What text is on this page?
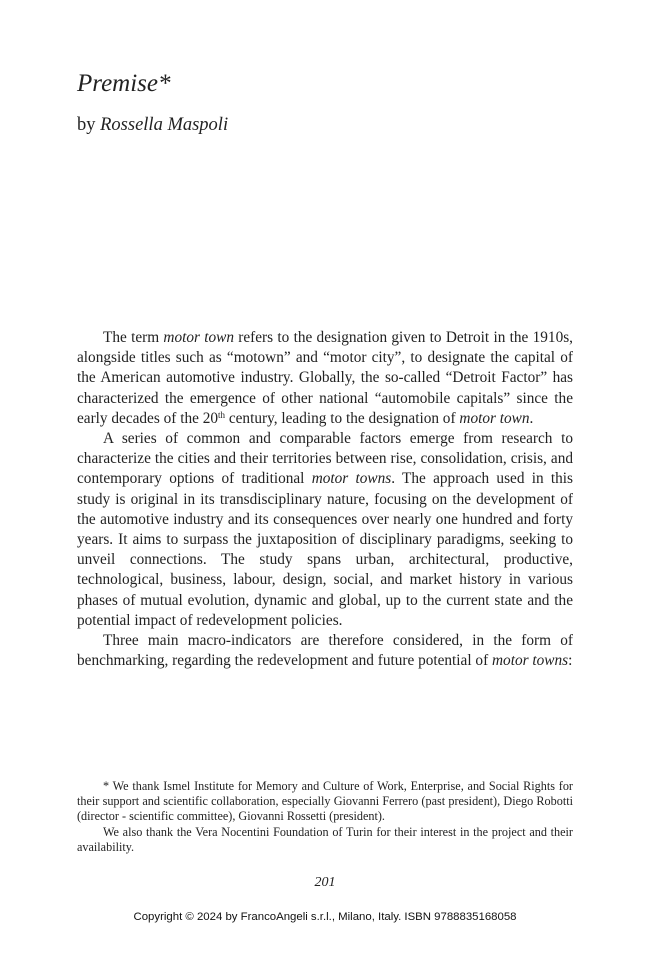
Premise*

by Rossella Maspoli

The term motor town refers to the designation given to Detroit in the 1910s, alongside titles such as “motown” and “motor city”, to designate the capital of the American automotive industry. Globally, the so-called “Detroit Factor” has characterized the emergence of other national “automobile capitals” since the early decades of the 20th century, leading to the designation of motor town.

A series of common and comparable factors emerge from research to characterize the cities and their territories between rise, consolidation, crisis, and contemporary options of traditional motor towns. The approach used in this study is original in its transdisciplinary nature, focusing on the development of the automotive industry and its consequences over nearly one hundred and forty years. It aims to surpass the juxtaposition of disciplinary paradigms, seeking to unveil connections. The study spans urban, architectural, productive, technological, business, labour, design, social, and market history in various phases of mutual evolution, dynamic and global, up to the current state and the potential impact of redevelopment policies.

Three main macro-indicators are therefore considered, in the form of benchmarking, regarding the redevelopment and future potential of motor towns:

* We thank Ismel Institute for Memory and Culture of Work, Enterprise, and Social Rights for their support and scientific collaboration, especially Giovanni Ferrero (past president), Diego Robotti (director - scientific committee), Giovanni Rossetti (president).

We also thank the Vera Nocentini Foundation of Turin for their interest in the project and their availability.

201
Copyright © 2024 by FrancoAngeli s.r.l., Milano, Italy. ISBN 9788835168058
